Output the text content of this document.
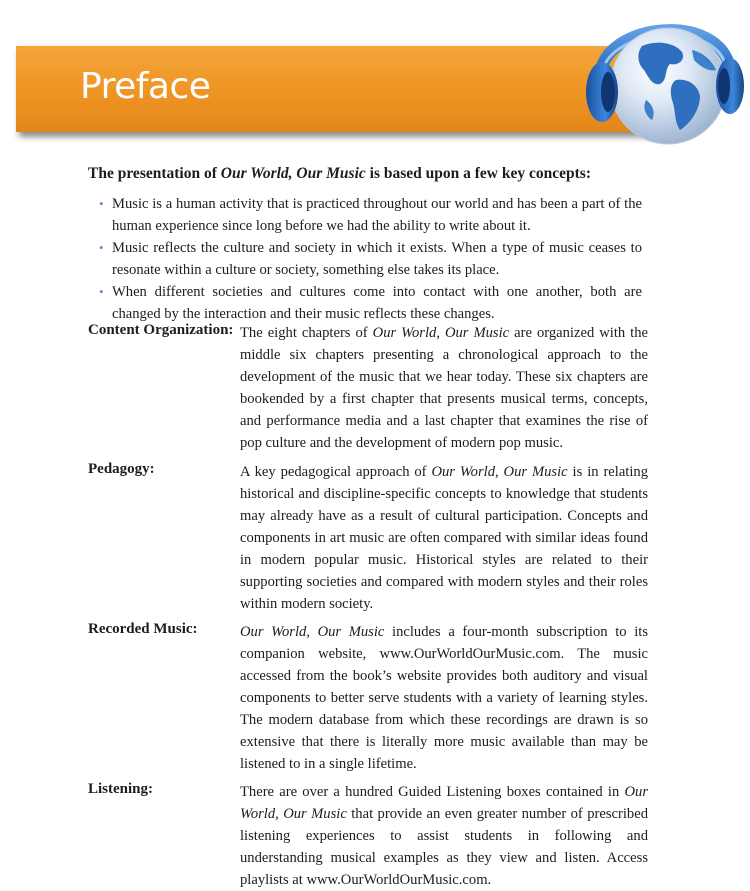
Preface
The presentation of Our World, Our Music is based upon a few key concepts:
• Music is a human activity that is practiced throughout our world and has been a part of the human experience since long before we had the ability to write about it.
• Music reflects the culture and society in which it exists. When a type of music ceases to resonate within a culture or society, something else takes its place.
• When different societies and cultures come into contact with one another, both are changed by the interaction and their music reflects these changes.
Content Organization: The eight chapters of Our World, Our Music are organized with the middle six chapters presenting a chronological approach to the development of the music that we hear today. These six chapters are bookended by a first chapter that presents musical terms, concepts, and performance media and a last chapter that examines the rise of pop culture and the development of modern pop music.
Pedagogy:	A key pedagogical approach of Our World, Our Music is in relating historical and discipline-specific concepts to knowledge that students may already have as a result of cultural participation. Concepts and components in art music are often compared with similar ideas found in modern popular music. Historical styles are related to their supporting societies and compared with modern styles and their roles within modern society.
Recorded Music:	Our World, Our Music includes a four-month subscription to its companion website, www.OurWorldOurMusic.com. The music accessed from the book’s website provides both auditory and visual components to better serve students with a variety of learning styles. The modern database from which these recordings are drawn is so extensive that there is literally more music available than may be listened to in a single lifetime.
Listening:	There are over a hundred Guided Listening boxes contained in Our World, Our Music that provide an even greater number of prescribed listening experiences to assist students in following and understanding musical examples as they view and listen. Access playlists at www.OurWorldOurMusic.com.
